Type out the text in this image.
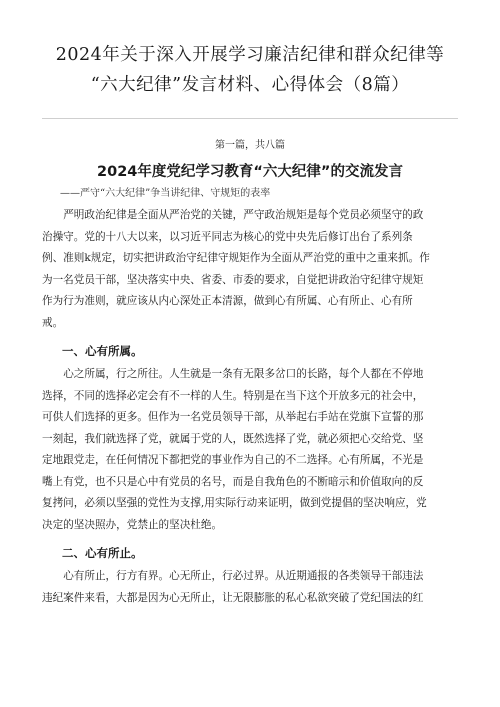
2024年关于深入开展学习廉洁纪律和群众纪律等
“六大纪律”发言材料、心得体会（8篇）
第一篇，共八篇
2024年度党纪学习教育“六大纪律”的交流发言
——严守“六大纪律”争当讲纪律、守规矩的表率
严明政治纪律是全面从严治党的关键，严守政治规矩是每个党员必须坚守的政
治操守。党的十八大以来，以习近平同志为核心的党中央先后修订出台了系列条
例、准则k规定，切实把讲政治守纪律守规矩作为全面从严治党的重中之重来抓。作
为一名党员干部，坚决落实中央、省委、市委的要求，自觉把讲政治守纪律守规矩
作为行为准则，就应该从内心深处正本清源，做到心有所属、心有所止、心有所
戒。
一、心有所属。
心之所属，行之所往。人生就是一条有无限多岔口的长路，每个人都在不停地
选择，不同的选择必定会有不一样的人生。特别是在当下这个开放多元的社会中，
可供人们选择的更多。但作为一名党员领导干部，从举起右手站在党旗下宣誓的那
一刻起，我们就选择了党，就属于党的人，既然选择了党，就必须把心交给党、坚
定地跟党走，在任何情况下都把党的事业作为自己的不二选择。心有所属，不光是
嘴上有党，也不只是心中有党员的名号，而是自我角色的不断暗示和价值取向的反
复拷问，必须以坚强的党性为支撑,用实际行动来证明，做到党提倡的坚决响应，党
决定的坚决照办，党禁止的坚决杜绝。
二、心有所止。
心有所止，行方有界。心无所止，行必过界。从近期通报的各类领导干部违法
违纪案件来看，大都是因为心无所止，让无限膨胀的私心私欲突破了党纪国法的红
